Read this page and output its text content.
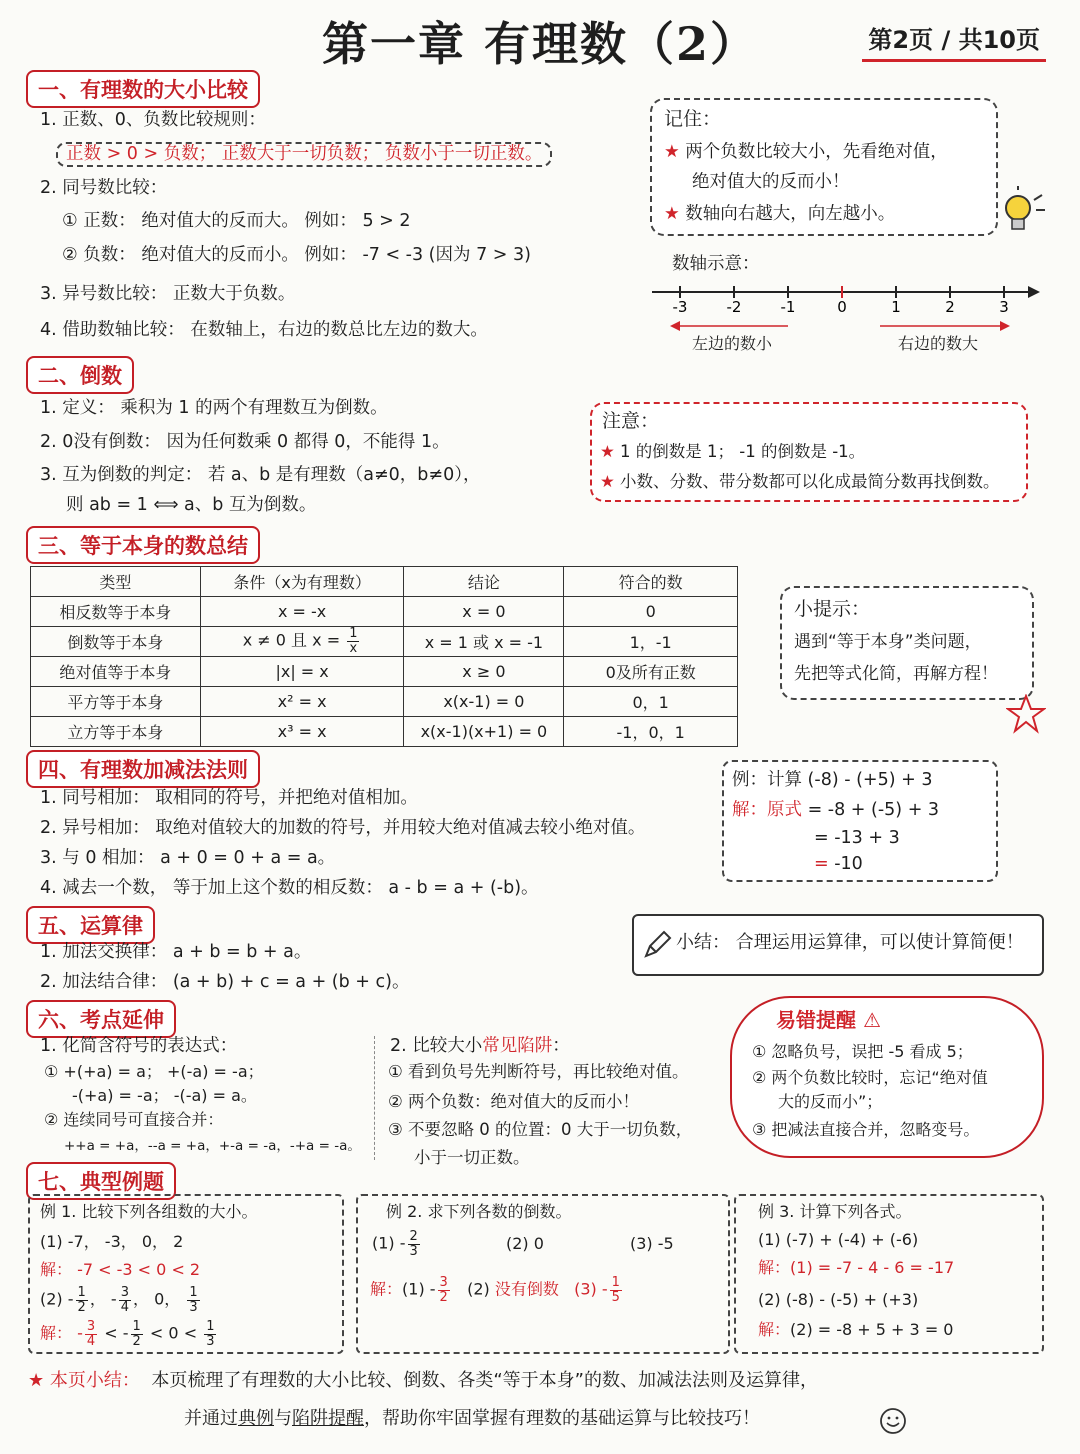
第一章 有理数（2）	第2页 / 共10页
一、有理数的大小比较
1. 正数、0、负数比较规则：
正数 > 0 > 负数； 正数大于一切负数； 负数小于一切正数。
2. 同号数比较：
① 正数： 绝对值大的反而大。 例如： 5 > 2
② 负数： 绝对值大的反而小。 例如： -7 < -3 (因为 7 > 3)
3. 异号数比较： 正数大于负数。
4. 借助数轴比较： 在数轴上，右边的数总比左边的数大。
记住：
★ 两个负数比较大小，先看绝对值，
绝对值大的反而小！
★ 数轴向右越大，向左越小。
数轴示意：
-3	-2	-1	0	1	2	3
左边的数小	右边的数大
二、倒数
1. 定义： 乘积为 1 的两个有理数互为倒数。
2. 0没有倒数： 因为任何数乘 0 都得 0，不能得 1。
3. 互为倒数的判定： 若 a、b 是有理数（a≠0，b≠0），
则 ab = 1 ⟺ a、b 互为倒数。
注意：
★ 1 的倒数是 1； -1 的倒数是 -1。
★ 小数、分数、带分数都可以化成最简分数再找倒数。
三、等于本身的数总结
类型	条件（x为有理数）	结论	符合的数
相反数等于本身	x = -x	x = 0	0
倒数等于本身	x ≠ 0 且 $x = \frac{1}{x}$	x = 1 或 x = -1	1，-1
绝对值等于本身	|x| = x	x ≥ 0	0及所有正数
平方等于本身	x² = x	x(x-1) = 0	0，1
立方等于本身	x³ = x	x(x-1)(x+1) = 0	-1，0，1
小提示：
遇到“等于本身”类问题，
先把等式化简，再解方程！
四、有理数加减法法则
1. 同号相加： 取相同的符号，并把绝对值相加。
2. 异号相加： 取绝对值较大的加数的符号，并用较大绝对值减去较小绝对值。
3. 与 0 相加： a + 0 = 0 + a = a。
4. 减去一个数， 等于加上这个数的相反数： a - b = a + (-b)。
例：计算 (-8) - (+5) + 3
解：原式 = -8 + (-5) + 3
= -13 + 3
= -10
小结： 合理运用运算律，可以使计算简便！
五、运算律
1. 加法交换律： a + b = b + a。
2. 加法结合律： (a + b) + c = a + (b + c)。
六、考点延伸
1. 化简含符号的表达式：
① +(+a) = a； +(-a) = -a；
-(+a) = -a； -(-a) = a。
② 连续同号可直接合并：
++a = +a，--a = +a，+-a = -a，-+a = -a。
2. 比较大小常见陷阱：
① 看到负号先判断符号，再比较绝对值。
② 两个负数：绝对值大的反而小！
③ 不要忽略 0 的位置：0 大于一切负数，
小于一切正数。
易错提醒 ⚠
① 忽略负号，误把 -5 看成 5；
② 两个负数比较时，忘记“绝对值
大的反而小”；
③ 把减法直接合并，忽略变号。
七、典型例题
例 1. 比较下列各组数的大小。
(1) -7， -3， 0， 2
解： -7 < -3 < 0 < 2
$(2) - \frac{1}{2}$ ， - $\frac{3}{4}$ ， 0， $\frac{1}{3}$
解： - $\frac{3}{4}$ < - $\frac{1}{2} < 0 < \frac{1}{3}$
例 2. 求下列各数的倒数。
$(1) - \frac{2}{3}$	(2) 0	(3) -5
解：$(1) - \frac{3}{2} (2)$ 没有倒数 $(3) - \frac{1}{5}$
例 3. 计算下列各式。
(1) (-7) + (-4) + (-6)
解：(1) = -7 - 4 - 6 = -17
(2) (-8) - (-5) + (+3)
解：(2) = -8 + 5 + 3 = 0
★ 本页小结： 本页梳理了有理数的大小比较、倒数、各类“等于本身”的数、加减法法则及运算律，
并通过典例与陷阱提醒，帮助你牢固掌握有理数的基础运算与比较技巧！
